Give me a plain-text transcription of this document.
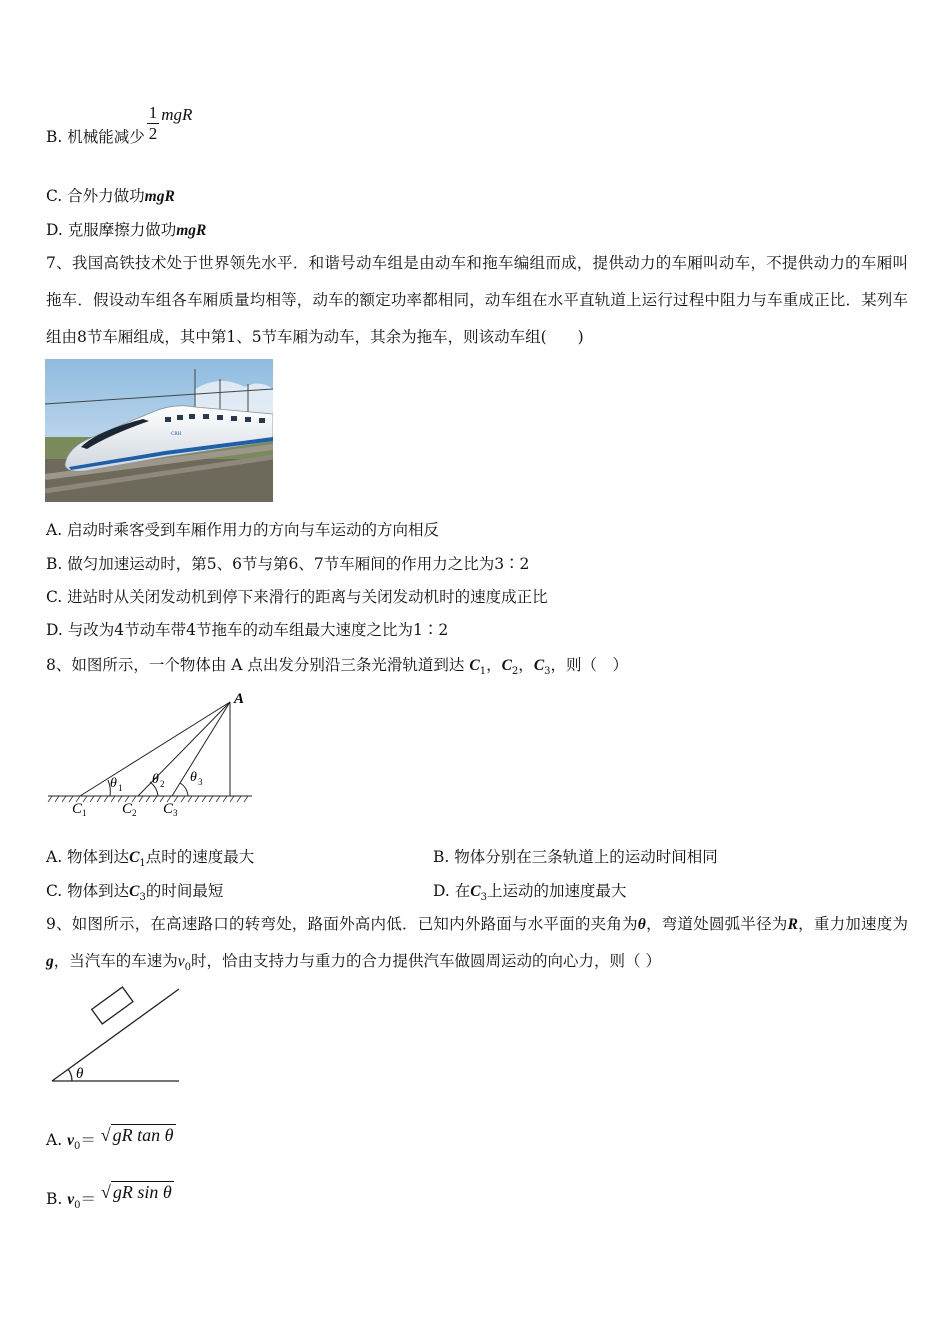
B. 机械能减少 $\frac{1}{2}$ mgR
C. 合外力做功mgR
D. 克服摩擦力做功mgR
7、我国高铁技术处于世界领先水平．和谐号动车组是由动车和拖车编组而成，提供动力的车厢叫动车，不提供动力的车厢叫拖车．假设动车组各车厢质量均相等，动车的额定功率都相同，动车组在水平直轨道上运行过程中阻力与车重成正比．某列车组由8节车厢组成，其中第1、5节车厢为动车，其余为拖车，则该动车组(　　)
CRH
A. 启动时乘客受到车厢作用力的方向与车运动的方向相反
B. 做匀加速运动时，第5、6节与第6、7节车厢间的作用力之比为3∶2
C. 进站时从关闭发动机到停下来滑行的距离与关闭发动机时的速度成正比
D. 与改为4节动车带4节拖车的动车组最大速度之比为1∶2
8、如图所示，一个物体由 A 点出发分别沿三条光滑轨道到达 $C_1$，$C_2$，$C_3$，则（　）
A
θ 1
θ 2 θ 3
C 1 C 2 C 3
A. 物体到达$C_1$点时的速度最大	B. 物体分别在三条轨道上的运动时间相同
C. 物体到达$C_3$的时间最短	D. 在$C_3$上运动的加速度最大
9、如图所示，在高速路口的转弯处，路面外高内低．已知内外路面与水平面的夹角为θ，弯道处圆弧半径为R，重力加速度为g，当汽车的车速为$v_0$时，恰由支持力与重力的合力提供汽车做圆周运动的向心力，则（ ）
θ
A. $v_0=$ √ gR tan θ
B. $v_0=$ √ gR sin θ
